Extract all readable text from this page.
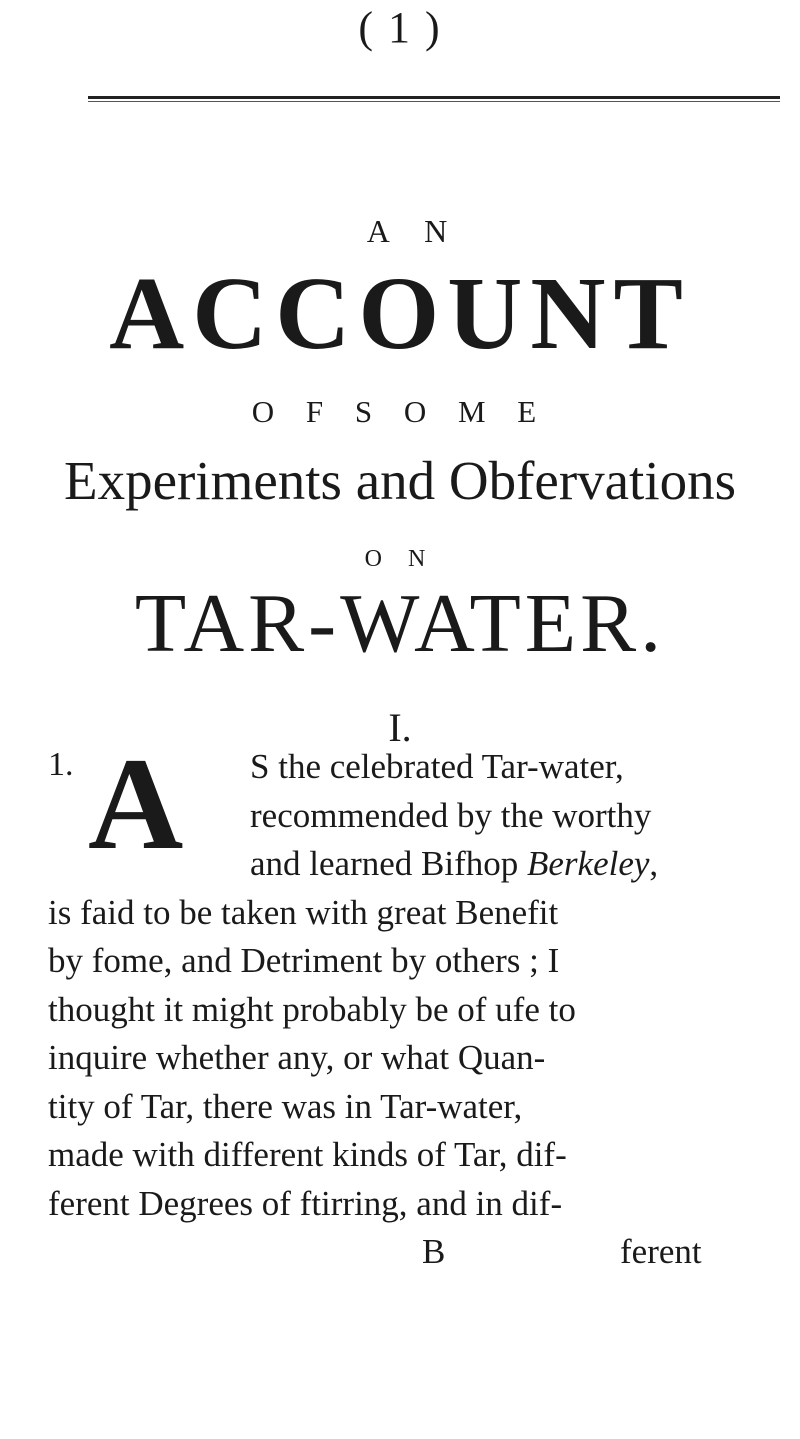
( 1 )
A N
ACCOUNT
O F S O M E
Experiments and Obfervations
O N
TAR-WATER.
I.
1. A S the celebrated Tar-water,
recommended by the worthy
and learned Bifhop Berkeley,
is faid to be taken with great Benefit
by fome, and Detriment by others ; I
thought it might probably be of ufe to
inquire whether any, or what Quan-
tity of Tar, there was in Tar-water,
made with different kinds of Tar, dif-
ferent Degrees of ftirring, and in dif-
B	ferent
